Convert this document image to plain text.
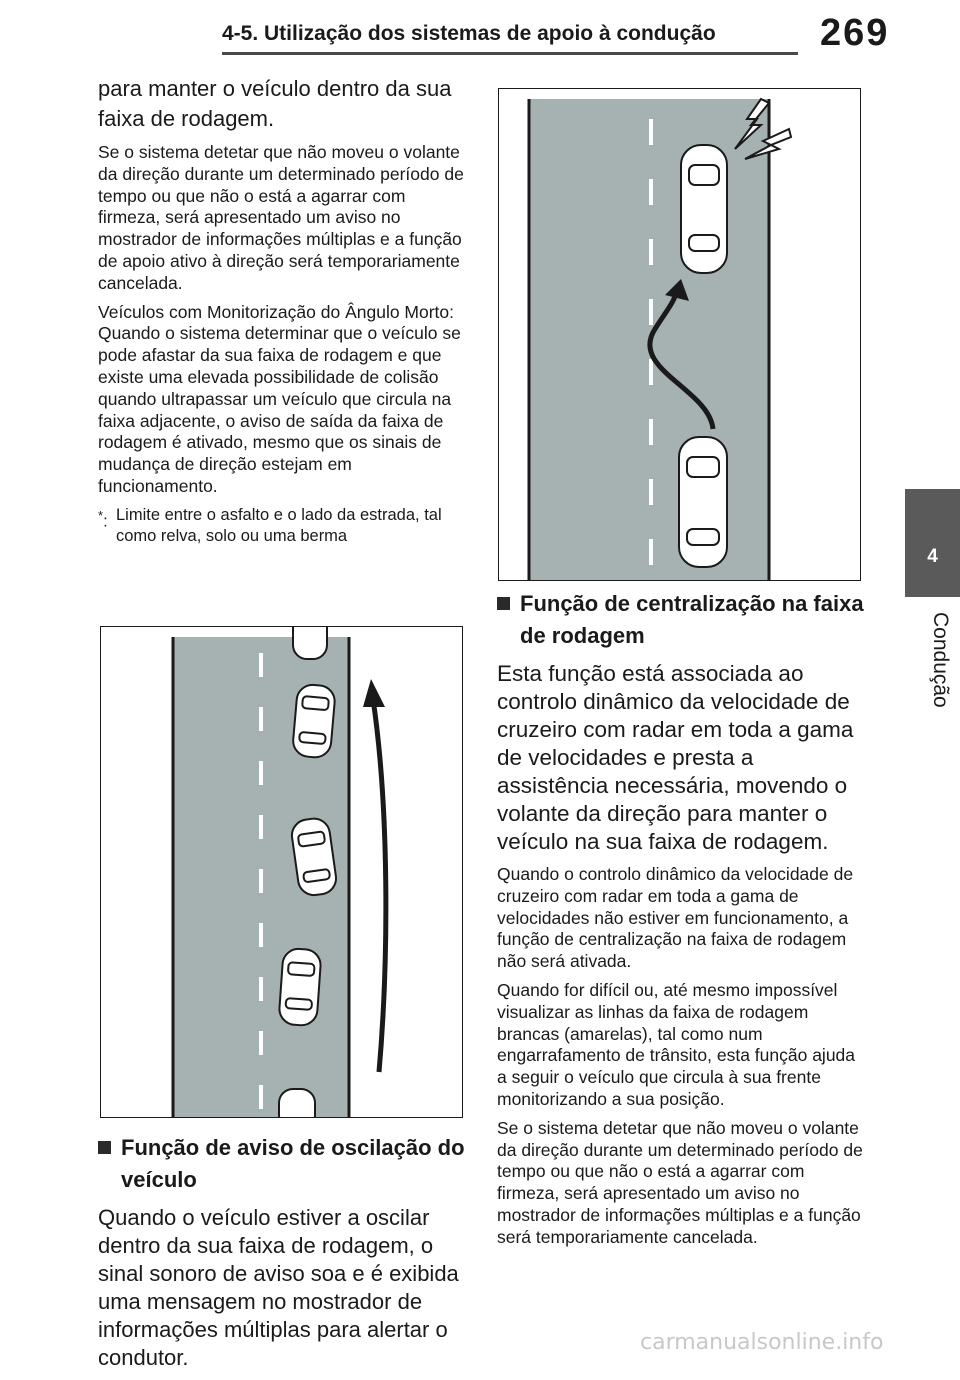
4-5. Utilização dos sistemas de apoio à condução	269
4
Condução

para manter o veículo dentro da sua faixa de rodagem.

Se o sistema detetar que não moveu o volante da direção durante um determinado período de tempo ou que não o está a agarrar com firmeza, será apresentado um aviso no mostrador de informações múltiplas e a função de apoio ativo à direção será temporariamente cancelada.

Veículos com Monitorização do Ângulo Morto: Quando o sistema determinar que o veículo se pode afastar da sua faixa de rodagem e que existe uma elevada possibilidade de colisão quando ultrapassar um veículo que circula na faixa adjacente, o aviso de saída da faixa de rodagem é ativado, mesmo que os sinais de mudança de direção estejam em funcionamento.

*: Limite entre o asfalto e o lado da estrada, tal como relva, solo ou uma berma
Função de aviso de oscilação do veículo

Quando o veículo estiver a oscilar dentro da sua faixa de rodagem, o sinal sonoro de aviso soa e é exibida uma mensagem no mostrador de informações múltiplas para alertar o condutor.

Função de centralização na faixa de rodagem

Esta função está associada ao controlo dinâmico da velocidade de cruzeiro com radar em toda a gama de velocidades e presta a assistência necessária, movendo o volante da direção para manter o veículo na sua faixa de rodagem.

Quando o controlo dinâmico da velocidade de cruzeiro com radar em toda a gama de velocidades não estiver em funcionamento, a função de centralização na faixa de rodagem não será ativada.

Quando for difícil ou, até mesmo impossível visualizar as linhas da faixa de rodagem brancas (amarelas), tal como num engarrafamento de trânsito, esta função ajuda a seguir o veículo que circula à sua frente monitorizando a sua posição.

Se o sistema detetar que não moveu o volante da direção durante um determinado período de tempo ou que não o está a agarrar com firmeza, será apresentado um aviso no mostrador de informações múltiplas e a função será temporariamente cancelada.

carmanualsonline.info
